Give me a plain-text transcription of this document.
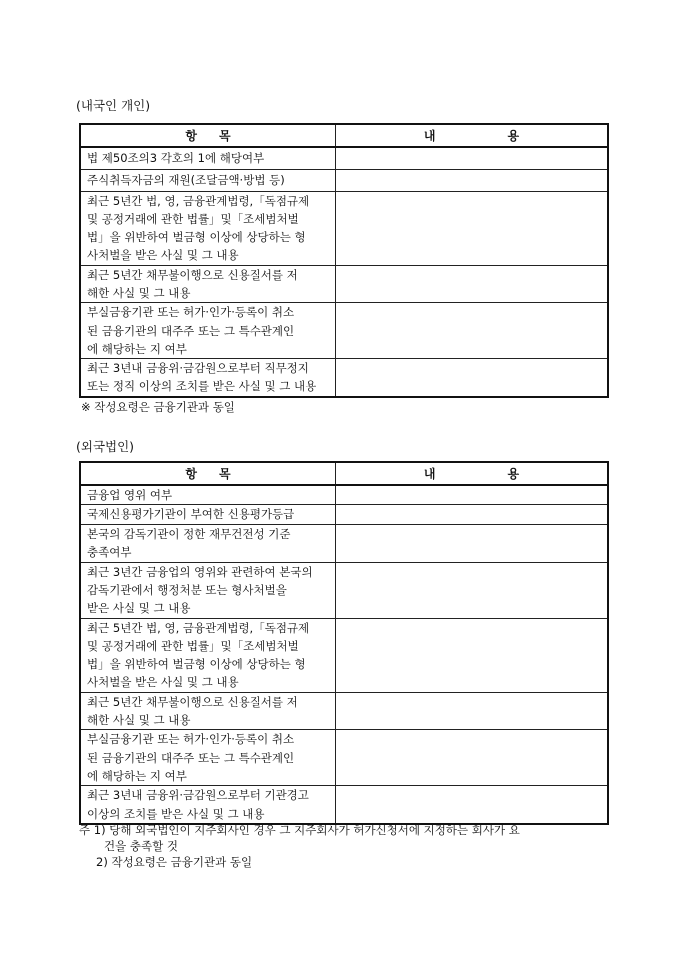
(내국인 개인)
항목	내용

법 제50조의3 각호의 1에 해당여부	

주식취득자금의 재원(조달금액·방법 등)	

최근 5년간 법, 영, 금융관계법령,「독점규제
및 공정거래에 관한 법률」및「조세범처벌
법」을 위반하여 벌금형 이상에 상당하는 형
사처벌을 받은 사실 및 그 내용	

최근 5년간 채무불이행으로 신용질서를 저
해한 사실 및 그 내용	

부실금융기관 또는 허가·인가·등록이 취소
된 금융기관의 대주주 또는 그 특수관계인
에 해당하는 지 여부	

최근 3년내 금융위·금감원으로부터 직무정지
또는 정직 이상의 조치를 받은 사실 및 그 내용	

※ 작성요령은 금융기관과 동일
(외국법인)
항목	내용

금융업 영위 여부	

국제신용평가기관이 부여한 신용평가등급	

본국의 감독기관이 정한 재무건전성 기준
충족여부	

최근 3년간 금융업의 영위와 관련하여 본국의
감독기관에서 행정처분 또는 형사처벌을
받은 사실 및 그 내용	

최근 5년간 법, 영, 금융관계법령,「독점규제
및 공정거래에 관한 법률」및「조세범처벌
법」을 위반하여 벌금형 이상에 상당하는 형
사처벌을 받은 사실 및 그 내용	

최근 5년간 채무불이행으로 신용질서를 저
해한 사실 및 그 내용	

부실금융기관 또는 허가·인가·등록이 취소
된 금융기관의 대주주 또는 그 특수관계인
에 해당하는 지 여부	

최근 3년내 금융위·금감원으로부터 기관경고
이상의 조치를 받은 사실 및 그 내용	

주 1) 당해 외국법인이 지주회사인 경우 그 지주회사가 허가신청서에 지정하는 회사가 요
건을 충족할 것
2) 작성요령은 금융기관과 동일
